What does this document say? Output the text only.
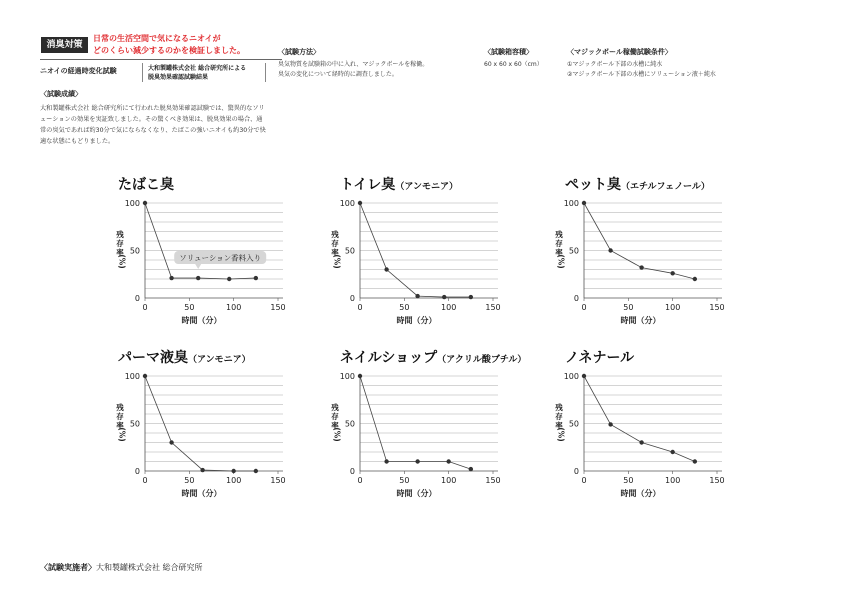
消臭対策
日常の生活空間で気になるニオイが
どのくらい減少するのかを検証しました。
ニオイの経過時変化試験	大和製罐株式会社 総合研究所による
脱臭効果確認試験結果
〈試験方法〉
臭気物質を試験箱の中に入れ、マジックボールを稼働。
臭気の変化について経時的に調査しました。
〈試験箱容積〉
60 x 60 x 60（cm）
〈マジックボール稼働試験条件〉
①マジックボール下部の水槽に純水
②マジックボール下部の水槽にソリューション液＋純水
〈試験成績〉
大和製罐株式会社 総合研究所にて行われた脱臭効果確認試験では、驚異的なソリ
ューションの効果を実証致しました。その驚くべき効果は、脱臭効果の場合、通
常の臭気であれば約30分で気にならなくなり、たばこの強いニオイも約30分で快
適な状態にもどりました。
たばこ臭
残
存
率
(%)
0
50
100
0	50	100	150
時間（分）
ソリューション香料入り
トイレ臭（アンモニア）
残
存
率
(%)
0
50
100
0	50	100	150
時間（分）
ペット臭（エチルフェノール）
残
存
率
(%)
0
50
100
0	50	100	150
時間（分）
パーマ液臭（アンモニア）
残
存
率
(%)
0
50
100
0	50	100	150
時間（分）
ネイルショップ（アクリル酸ブチル）
残
存
率
(%)
0
50
100
0	50	100	150
時間（分）
ノネナール
残
存
率
(%)
0
50
100
0	50	100	150
時間（分）
〈試験実施者〉大和製罐株式会社 総合研究所
